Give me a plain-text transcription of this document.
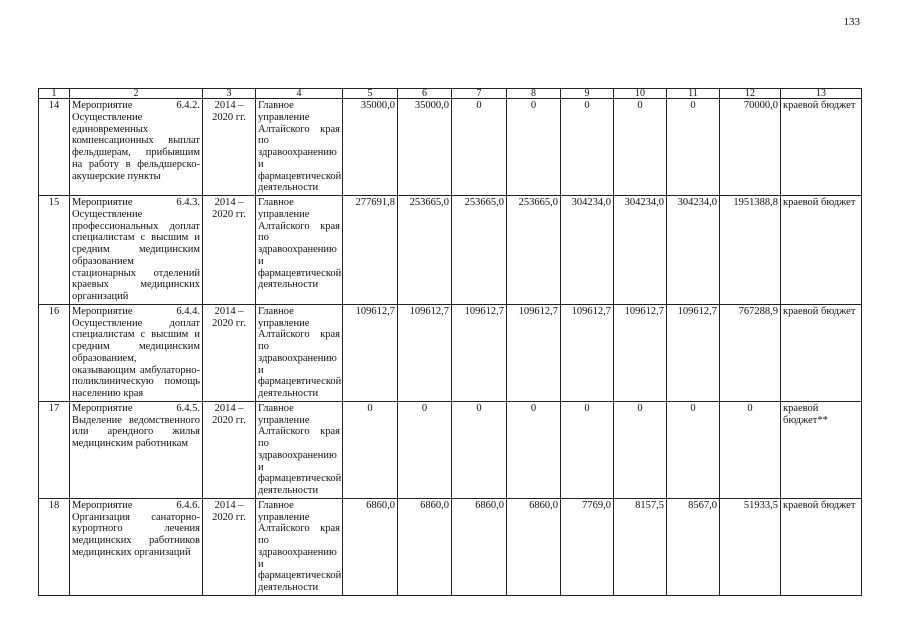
133
1	2	3	4	5	6	7	8	9	10	11	12	13
14	Мероприятие 6.4.2. Осуществление единовременных компенсационных выплат фельдшерам, прибывшим на работу в фельдшерско-акушерские пункты	2014 – 2020 гг.	Главное управление Алтайского края по здравоохранению и фармацевтической деятельности	35000,0	35000,0	0	0	0	0	0	70000,0	краевой бюджет
15	Мероприятие 6.4.3. Осуществление профессиональных доплат специалистам с высшим и средним медицинским образованием стационарных отделений краевых медицинских организаций	2014 – 2020 гг.	Главное управление Алтайского края по здравоохранению и фармацевтической деятельности	277691,8	253665,0	253665,0	253665,0	304234,0	304234,0	304234,0	1951388,8	краевой бюджет
16	Мероприятие 6.4.4. Осуществление доплат специалистам с высшим и средним медицинским образованием, оказывающим амбулаторно-поликлиническую помощь населению края	2014 – 2020 гг.	Главное управление Алтайского края по здравоохранению и фармацевтической деятельности	109612,7	109612,7	109612,7	109612,7	109612,7	109612,7	109612,7	767288,9	краевой бюджет
17	Мероприятие 6.4.5. Выделение ведомственного или арендного жилья медицинским работникам	2014 – 2020 гг.	Главное управление Алтайского края по здравоохранению и фармацевтической деятельности	0	0	0	0	0	0	0	0	краевой бюджет**
18	Мероприятие 6.4.6. Организация санаторно-курортного лечения медицинских работников медицинских организаций	2014 – 2020 гг.	Главное управление Алтайского края по здравоохранению и фармацевтической деятельности	6860,0	6860,0	6860,0	6860,0	7769,0	8157,5	8567,0	51933,5	краевой бюджет
